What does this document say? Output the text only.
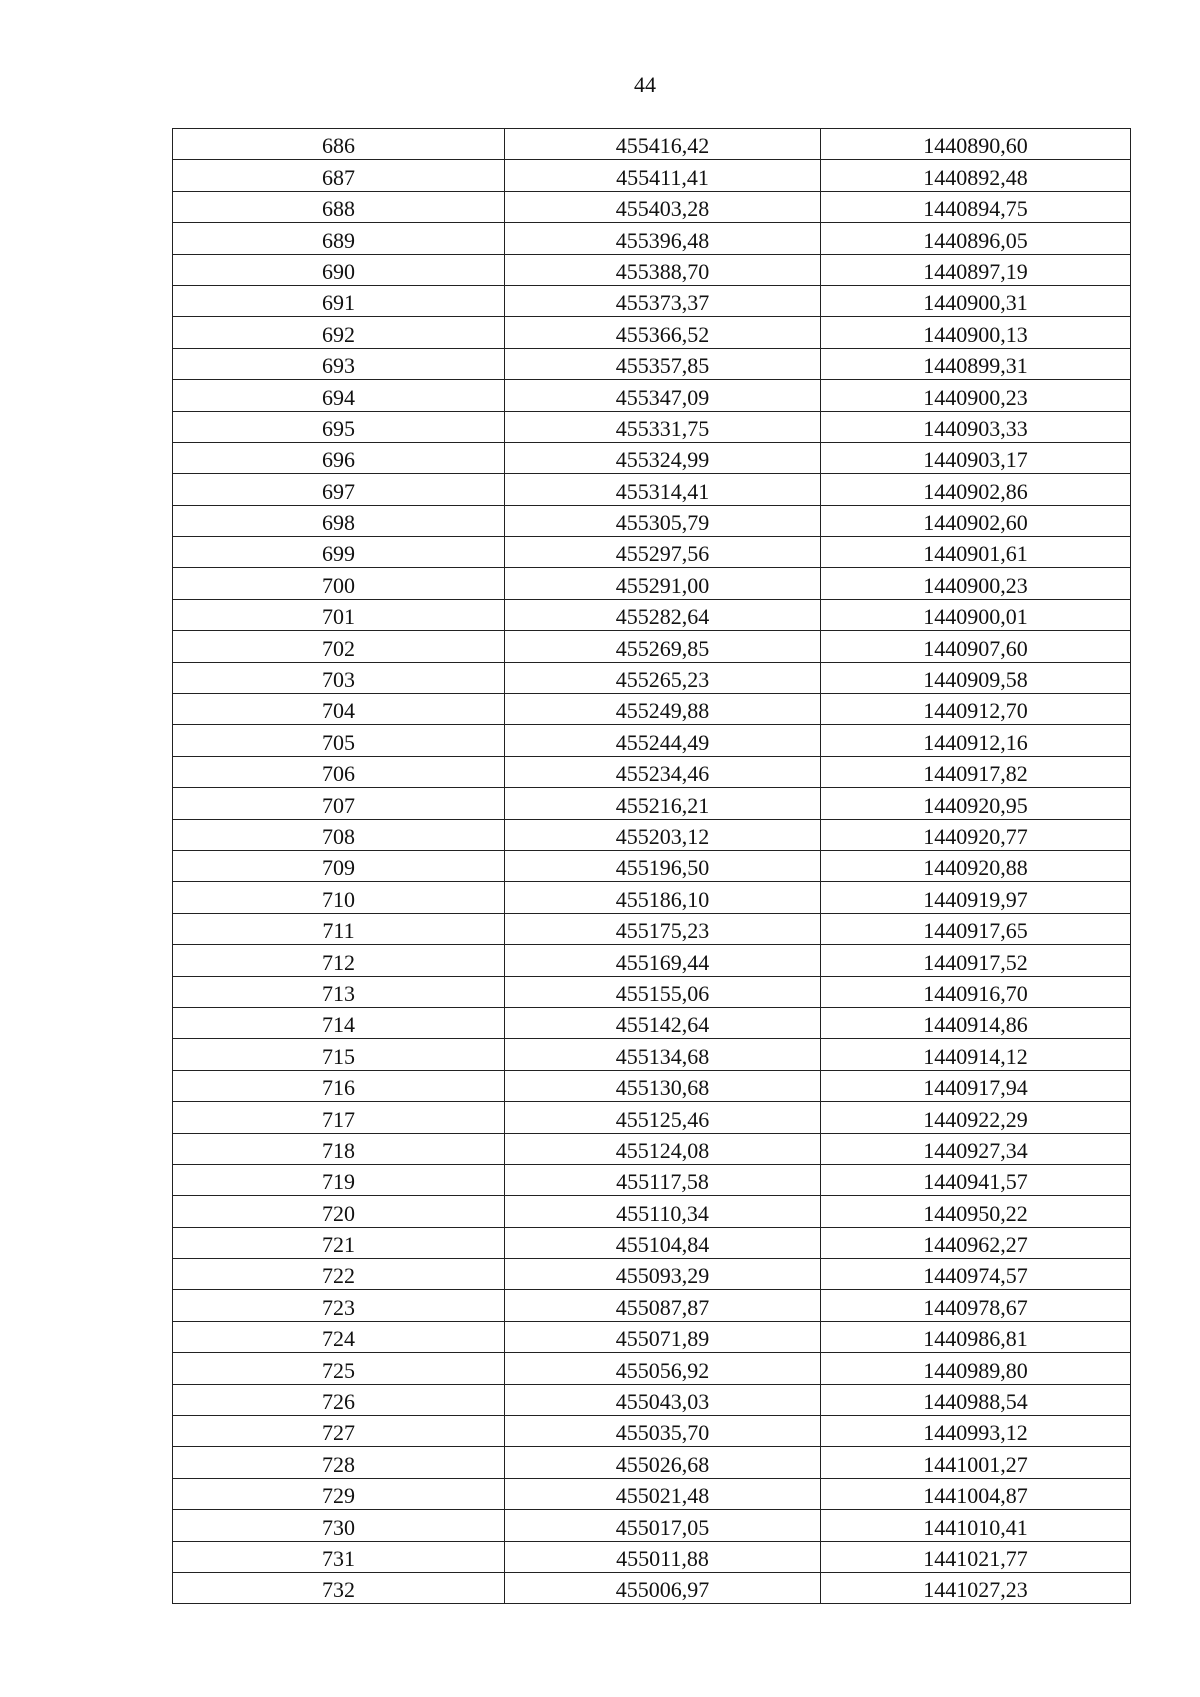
44
686	455416,42	1440890,60
687	455411,41	1440892,48
688	455403,28	1440894,75
689	455396,48	1440896,05
690	455388,70	1440897,19
691	455373,37	1440900,31
692	455366,52	1440900,13
693	455357,85	1440899,31
694	455347,09	1440900,23
695	455331,75	1440903,33
696	455324,99	1440903,17
697	455314,41	1440902,86
698	455305,79	1440902,60
699	455297,56	1440901,61
700	455291,00	1440900,23
701	455282,64	1440900,01
702	455269,85	1440907,60
703	455265,23	1440909,58
704	455249,88	1440912,70
705	455244,49	1440912,16
706	455234,46	1440917,82
707	455216,21	1440920,95
708	455203,12	1440920,77
709	455196,50	1440920,88
710	455186,10	1440919,97
711	455175,23	1440917,65
712	455169,44	1440917,52
713	455155,06	1440916,70
714	455142,64	1440914,86
715	455134,68	1440914,12
716	455130,68	1440917,94
717	455125,46	1440922,29
718	455124,08	1440927,34
719	455117,58	1440941,57
720	455110,34	1440950,22
721	455104,84	1440962,27
722	455093,29	1440974,57
723	455087,87	1440978,67
724	455071,89	1440986,81
725	455056,92	1440989,80
726	455043,03	1440988,54
727	455035,70	1440993,12
728	455026,68	1441001,27
729	455021,48	1441004,87
730	455017,05	1441010,41
731	455011,88	1441021,77
732	455006,97	1441027,23
